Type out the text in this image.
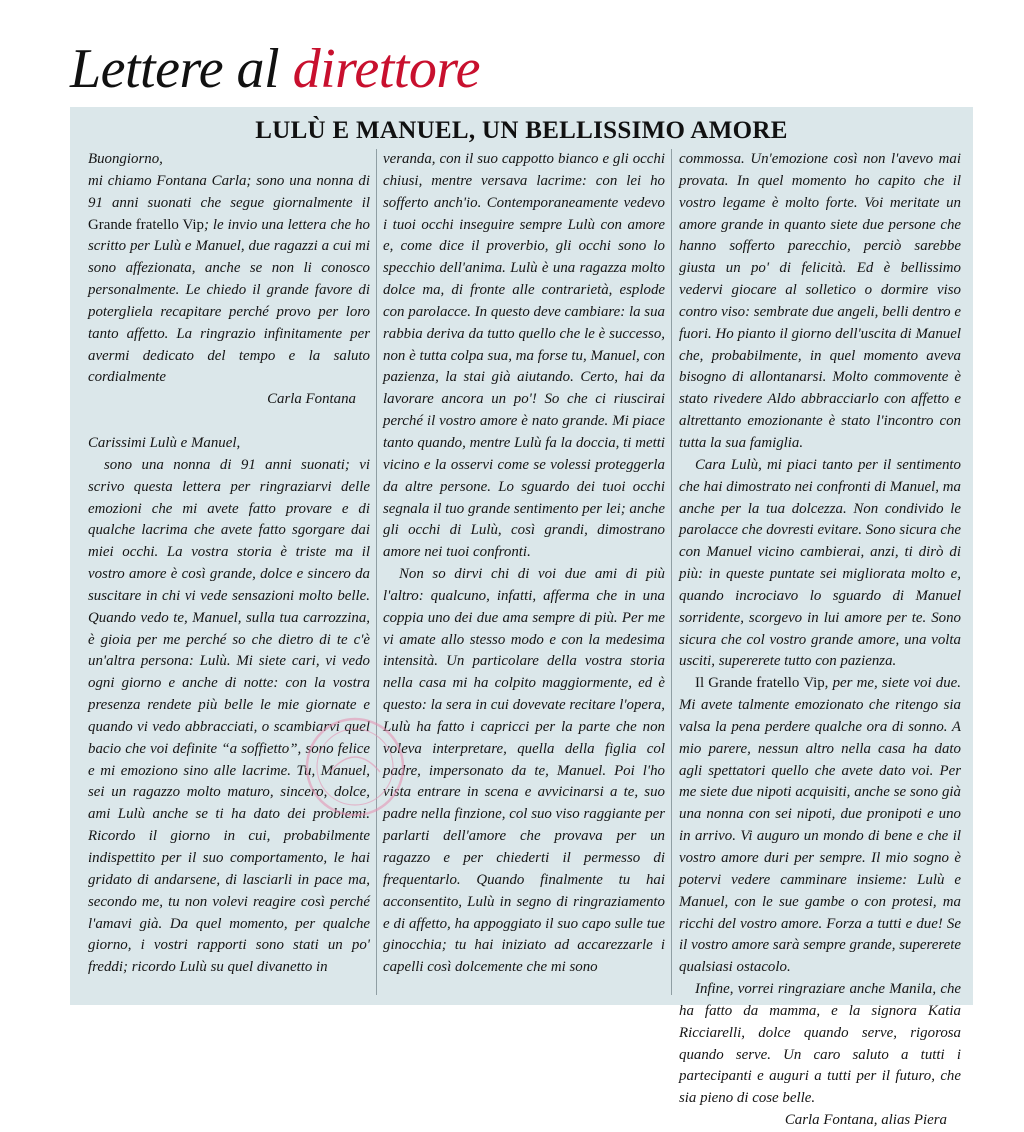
Lettere al direttore
LULÙ E MANUEL, UN BELLISSIMO AMORE

Buongiorno,

mi chiamo Fontana Carla; sono una nonna di 91 anni suonati che segue giornalmente il Grande fratello Vip; le invio una lettera che ho scritto per Lulù e Manuel, due ragazzi a cui mi sono affezionata, anche se non li conosco personalmente. Le chiedo il grande favore di potergliela recapitare perché provo per loro tanto affetto. La ringrazio infinitamente per avermi dedicato del tempo e la saluto cordialmente

Carla Fontana

Carissimi Lulù e Manuel,

sono una nonna di 91 anni suonati; vi scrivo questa lettera per ringraziarvi delle emozioni che mi avete fatto provare e di qualche lacrima che avete fatto sgorgare dai miei occhi. La vostra storia è triste ma il vostro amore è così grande, dolce e sincero da suscitare in chi vi vede sensazioni molto belle. Quando vedo te, Manuel, sulla tua carrozzina, è gioia per me perché so che dietro di te c'è un'altra persona: Lulù. Mi siete cari, vi vedo ogni giorno e anche di notte: con la vostra presenza rendete più belle le mie giornate e quando vi vedo abbracciati, o scambiarvi quel bacio che voi definite “a soffietto”, sono felice e mi emoziono sino alle lacrime. Tu, Manuel, sei un ragazzo molto maturo, sincero, dolce, ami Lulù anche se ti ha dato dei problemi. Ricordo il giorno in cui, probabilmente indispettito per il suo comportamento, le hai gridato di andarsene, di lasciarli in pace ma, secondo me, tu non volevi reagire così perché l'amavi già. Da quel momento, per qualche giorno, i vostri rapporti sono stati un po' freddi; ricordo Lulù su quel divanetto in

veranda, con il suo cappotto bianco e gli occhi chiusi, mentre versava lacrime: con lei ho sofferto anch'io. Contemporaneamente vedevo i tuoi occhi inseguire sempre Lulù con amore e, come dice il proverbio, gli occhi sono lo specchio dell'anima. Lulù è una ragazza molto dolce ma, di fronte alle contrarietà, esplode con parolacce. In questo deve cambiare: la sua rabbia deriva da tutto quello che le è successo, non è tutta colpa sua, ma forse tu, Manuel, con pazienza, la stai già aiutando. Certo, hai da lavorare ancora un po'! So che ci riuscirai perché il vostro amore è nato grande. Mi piace tanto quando, mentre Lulù fa la doccia, ti metti vicino e la osservi come se volessi proteggerla da altre persone. Lo sguardo dei tuoi occhi segnala il tuo grande sentimento per lei; anche gli occhi di Lulù, così grandi, dimostrano amore nei tuoi confronti.

Non so dirvi chi di voi due ami di più l'altro: qualcuno, infatti, afferma che in una coppia uno dei due ama sempre di più. Per me vi amate allo stesso modo e con la medesima intensità. Un particolare della vostra storia nella casa mi ha colpito maggiormente, ed è questo: la sera in cui dovevate recitare l'opera, Lulù ha fatto i capricci per la parte che non voleva interpretare, quella della figlia col padre, impersonato da te, Manuel. Poi l'ho vista entrare in scena e avvicinarsi a te, suo padre nella finzione, col suo viso raggiante per parlarti dell'amore che provava per un ragazzo e per chiederti il permesso di frequentarlo. Quando finalmente tu hai acconsentito, Lulù in segno di ringraziamento e di affetto, ha appoggiato il suo capo sulle tue ginocchia; tu hai iniziato ad accarezzarle i capelli così dolcemente che mi sono

commossa. Un'emozione così non l'avevo mai provata. In quel momento ho capito che il vostro legame è molto forte. Voi meritate un amore grande in quanto siete due persone che hanno sofferto parecchio, perciò sarebbe giusta un po' di felicità. Ed è bellissimo vedervi giocare al solletico o dormire viso contro viso: sembrate due angeli, belli dentro e fuori. Ho pianto il giorno dell'uscita di Manuel che, probabilmente, in quel momento aveva bisogno di allontanarsi. Molto commovente è stato rivedere Aldo abbracciarlo con affetto e altrettanto emozionante è stato l'incontro con tutta la sua famiglia.

Cara Lulù, mi piaci tanto per il sentimento che hai dimostrato nei confronti di Manuel, ma anche per la tua dolcezza. Non condivido le parolacce che dovresti evitare. Sono sicura che con Manuel vicino cambierai, anzi, ti dirò di più: in queste puntate sei migliorata molto e, quando incrociavo lo sguardo di Manuel sorridente, scorgevo in lui amore per te. Sono sicura che col vostro grande amore, una volta usciti, supererete tutto con pazienza.

Il Grande fratello Vip, per me, siete voi due. Mi avete talmente emozionato che ritengo sia valsa la pena perdere qualche ora di sonno. A mio parere, nessun altro nella casa ha dato agli spettatori quello che avete dato voi. Per me siete due nipoti acquisiti, anche se sono già una nonna con sei nipoti, due pronipoti e uno in arrivo. Vi auguro un mondo di bene e che il vostro amore duri per sempre. Il mio sogno è potervi vedere camminare insieme: Lulù e Manuel, con le sue gambe o con protesi, ma ricchi del vostro amore. Forza a tutti e due! Se il vostro amore sarà sempre grande, supererete qualsiasi ostacolo.

Infine, vorrei ringraziare anche Manila, che ha fatto da mamma, e la signora Katia Ricciarelli, dolce quando serve, rigorosa quando serve. Un caro saluto a tutti i partecipanti e auguri a tutti per il futuro, che sia pieno di cose belle.

Carla Fontana, alias Piera
